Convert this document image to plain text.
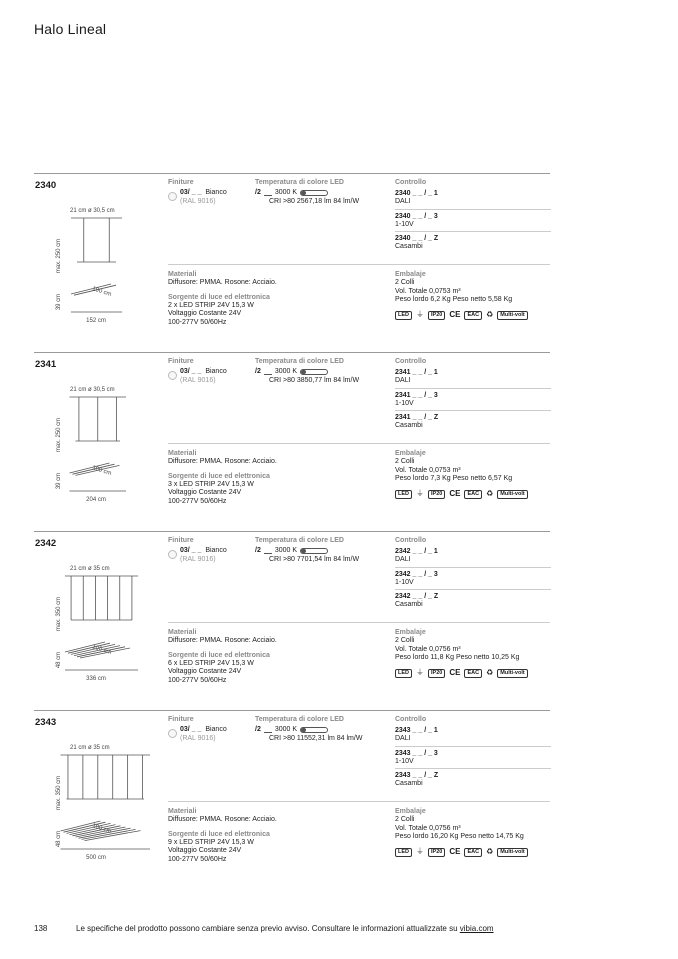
Halo Lineal
2340
21 cm ø 30,5 cm
max. 250 cm
39 cm
100 cm
152 cm
Finiture
03/ _ _ Bianco
(RAL 9016)
Temperatura di colore LED
/2 3000 K
CRI >80 2567,18 lm 84 lm/W
Controllo
2340 _ _ / _ 1
DALI
2340 _ _ / _ 3
1-10V
2340 _ _ / _ Z
Casambi
Materiali
Diffusore: PMMA. Rosone: Acciaio.
Sorgente di luce ed elettronica
2 x LED STRIP 24V 15,3 W
Voltaggio Costante 24V
100-277V 50/60Hz
Embalaje
2 Colli
Vol. Totale 0,0753 m³
Peso lordo 6,2 Kg Peso netto 5,58 Kg
LED ⏚	IP20 CE	EAC ♻	Multi-volt
2341
21 cm ø 30,5 cm
max. 250 cm
39 cm
100 cm
204 cm
Finiture
03/ _ _ Bianco
(RAL 9016)
Temperatura di colore LED
/2 3000 K
CRI >80 3850,77 lm 84 lm/W
Controllo
2341 _ _ / _ 1
DALI
2341 _ _ / _ 3
1-10V
2341 _ _ / _ Z
Casambi
Materiali
Diffusore: PMMA. Rosone: Acciaio.
Sorgente di luce ed elettronica
3 x LED STRIP 24V 15,3 W
Voltaggio Costante 24V
100-277V 50/60Hz
Embalaje
2 Colli
Vol. Totale 0,0753 m³
Peso lordo 7,3 Kg Peso netto 6,57 Kg
LED ⏚	IP20 CE	EAC ♻	Multi-volt
2342
21 cm ø 35 cm
max. 350 cm
48 cm
100 cm
336 cm
Finiture
03/ _ _ Bianco
(RAL 9016)
Temperatura di colore LED
/2 3000 K
CRI >80 7701,54 lm 84 lm/W
Controllo
2342 _ _ / _ 1
DALI
2342 _ _ / _ 3
1-10V
2342 _ _ / _ Z
Casambi
Materiali
Diffusore: PMMA. Rosone: Acciaio.
Sorgente di luce ed elettronica
6 x LED STRIP 24V 15,3 W
Voltaggio Costante 24V
100-277V 50/60Hz
Embalaje
2 Colli
Vol. Totale 0,0756 m³
Peso lordo 11,8 Kg Peso netto 10,25 Kg
LED ⏚	IP20 CE	EAC ♻	Multi-volt
2343
21 cm ø 35 cm
max. 350 cm
48 cm
100 cm
500 cm
Finiture
03/ _ _ Bianco
(RAL 9016)
Temperatura di colore LED
/2 3000 K
CRI >80 11552,31 lm 84 lm/W
Controllo
2343 _ _ / _ 1
DALI
2343 _ _ / _ 3
1-10V
2343 _ _ / _ Z
Casambi
Materiali
Diffusore: PMMA. Rosone: Acciaio.
Sorgente di luce ed elettronica
9 x LED STRIP 24V 15,3 W
Voltaggio Costante 24V
100-277V 50/60Hz
Embalaje
2 Colli
Vol. Totale 0,0756 m³
Peso lordo 16,20 Kg Peso netto 14,75 Kg
LED ⏚	IP20 CE	EAC ♻	Multi-volt
138	Le specifiche del prodotto possono cambiare senza previo avviso. Consultare le informazioni attualizzate su vibia.com
